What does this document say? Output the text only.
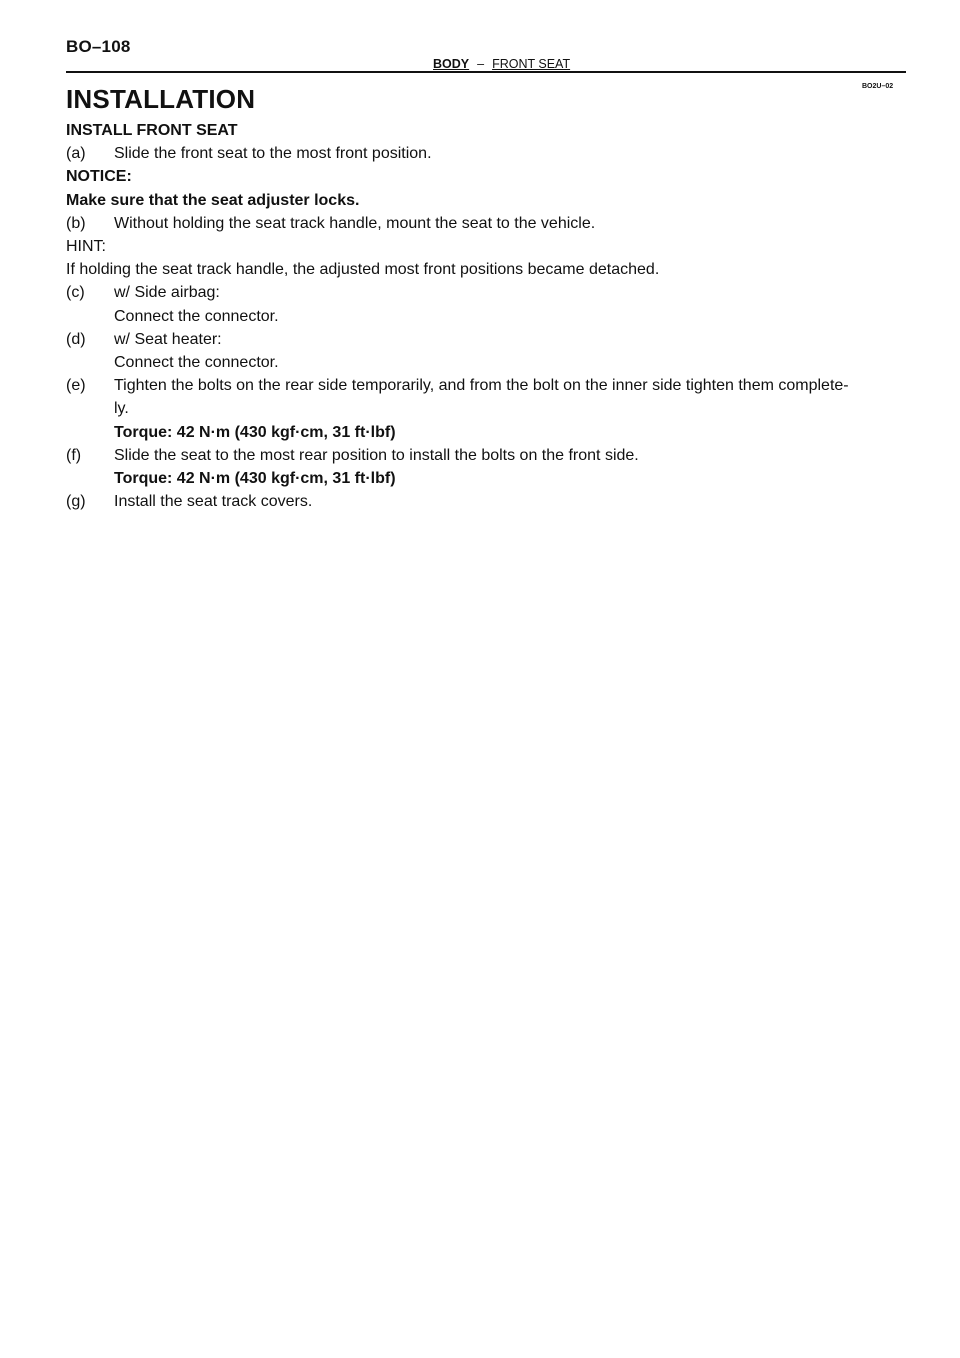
BO–108
BODY – FRONT SEAT
BO2U–02
INSTALLATION
INSTALL FRONT SEAT
(a)	Slide the front seat to the most front position.
NOTICE:
Make sure that the seat adjuster locks.
(b)	Without holding the seat track handle, mount the seat to the vehicle.
HINT:
If holding the seat track handle, the adjusted most front positions became detached.
(c)	w/ Side airbag:
Connect the connector.
(d)	w/ Seat heater:
Connect the connector.
(e)	Tighten the bolts on the rear side temporarily, and from the bolt on the inner side tighten them complete-
ly.
Torque: 42 N·m (430 kgf·cm, 31 ft·lbf)
(f)	Slide the seat to the most rear position to install the bolts on the front side.
Torque: 42 N·m (430 kgf·cm, 31 ft·lbf)
(g)	Install the seat track covers.
